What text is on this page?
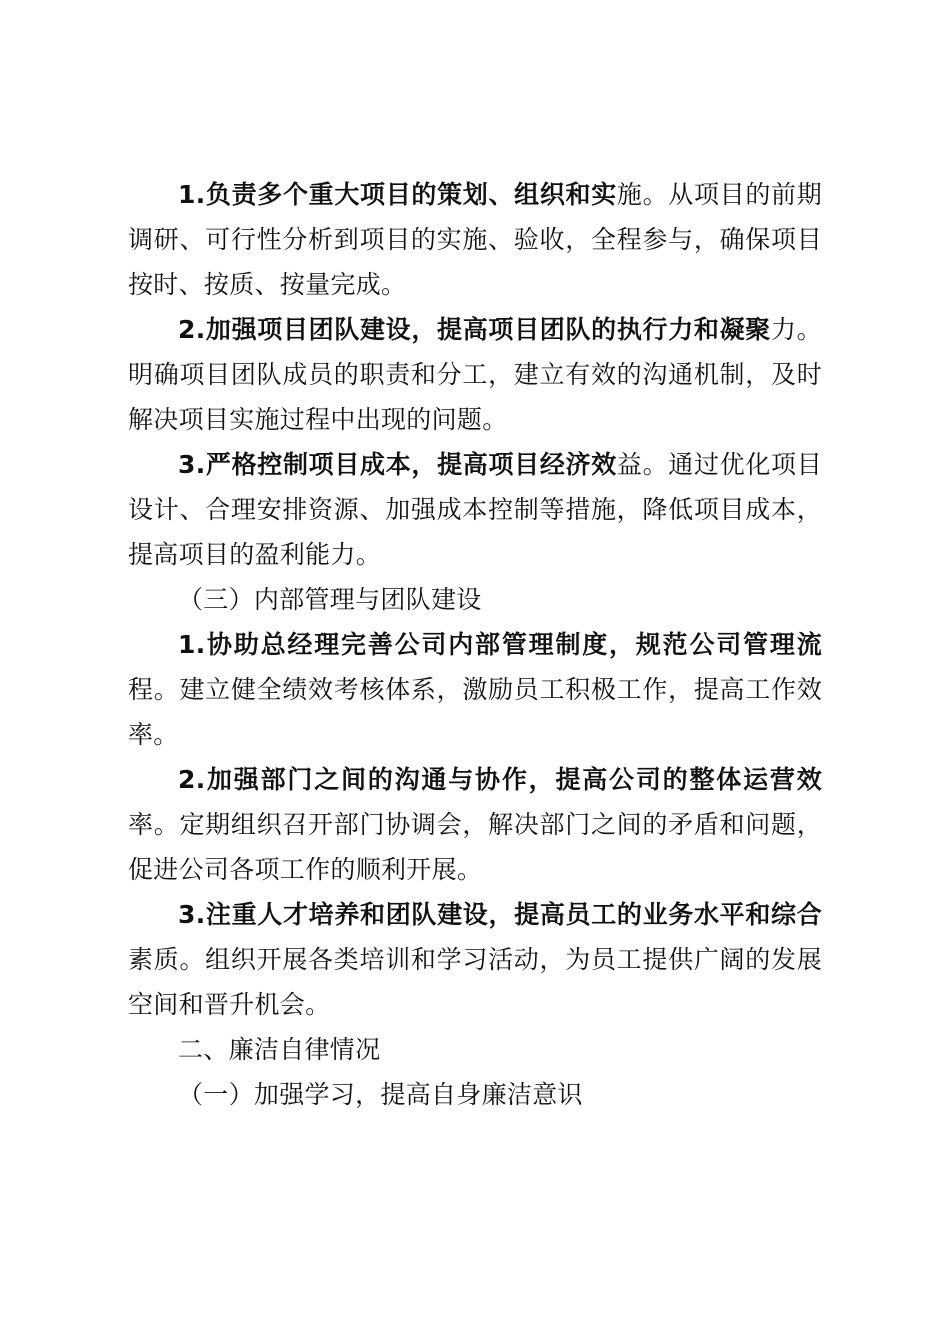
1.负责多个重大项目的策划、组织和实施。从项目的前期调研、可行性分析到项目的实施、验收，全程参与，确保项目按时、按质、按量完成。

2.加强项目团队建设，提高项目团队的执行力和凝聚力。明确项目团队成员的职责和分工，建立有效的沟通机制，及时解决项目实施过程中出现的问题。

3.严格控制项目成本，提高项目经济效益。通过优化项目设计、合理安排资源、加强成本控制等措施，降低项目成本，提高项目的盈利能力。

（三）内部管理与团队建设

1.协助总经理完善公司内部管理制度，规范公司管理流程。建立健全绩效考核体系，激励员工积极工作，提高工作效率。

2.加强部门之间的沟通与协作，提高公司的整体运营效率。定期组织召开部门协调会，解决部门之间的矛盾和问题，促进公司各项工作的顺利开展。

3.注重人才培养和团队建设，提高员工的业务水平和综合素质。组织开展各类培训和学习活动，为员工提供广阔的发展空间和晋升机会。

二、廉洁自律情况

（一）加强学习，提高自身廉洁意识
